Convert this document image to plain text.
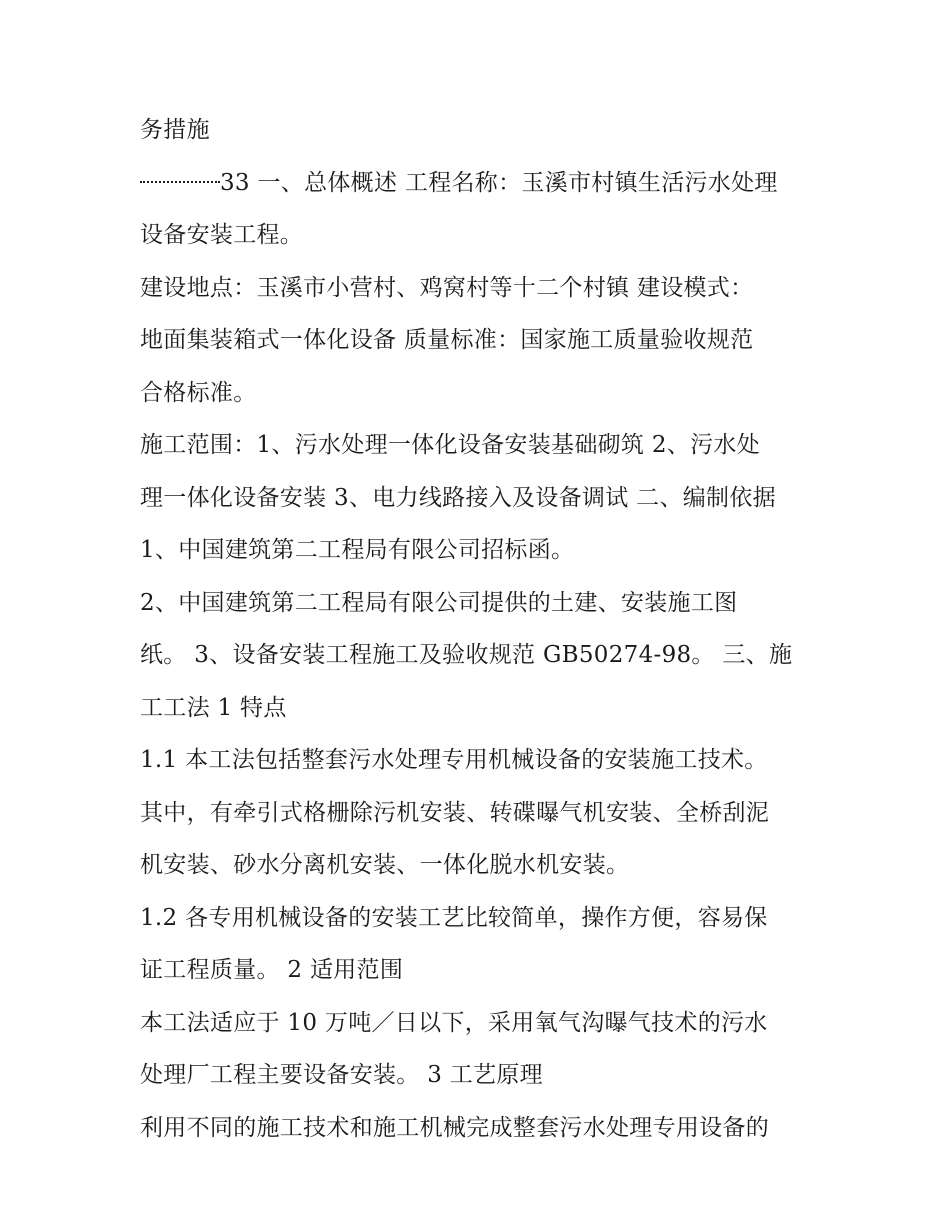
务措施
33 一、总体概述 工程名称：玉溪市村镇生活污水处理
设备安装工程。
建设地点：玉溪市小营村、鸡窝村等十二个村镇 建设模式：
地面集装箱式一体化设备 质量标准：国家施工质量验收规范
合格标准。
施工范围：1、污水处理一体化设备安装基础砌筑 2、污水处
理一体化设备安装 3、电力线路接入及设备调试 二、编制依据
1、中国建筑第二工程局有限公司招标函。
2、中国建筑第二工程局有限公司提供的土建、安装施工图
纸。 3、设备安装工程施工及验收规范 GB50274-98。 三、施
工工法 1 特点
1.1 本工法包括整套污水处理专用机械设备的安装施工技术。
其中，有牵引式格栅除污机安装、转碟曝气机安装、全桥刮泥
机安装、砂水分离机安装、一体化脱水机安装。
1.2 各专用机械设备的安装工艺比较简单，操作方便，容易保
证工程质量。 2 适用范围
本工法适应于 10 万吨／日以下，采用氧气沟曝气技术的污水
处理厂工程主要设备安装。 3 工艺原理
利用不同的施工技术和施工机械完成整套污水处理专用设备的
